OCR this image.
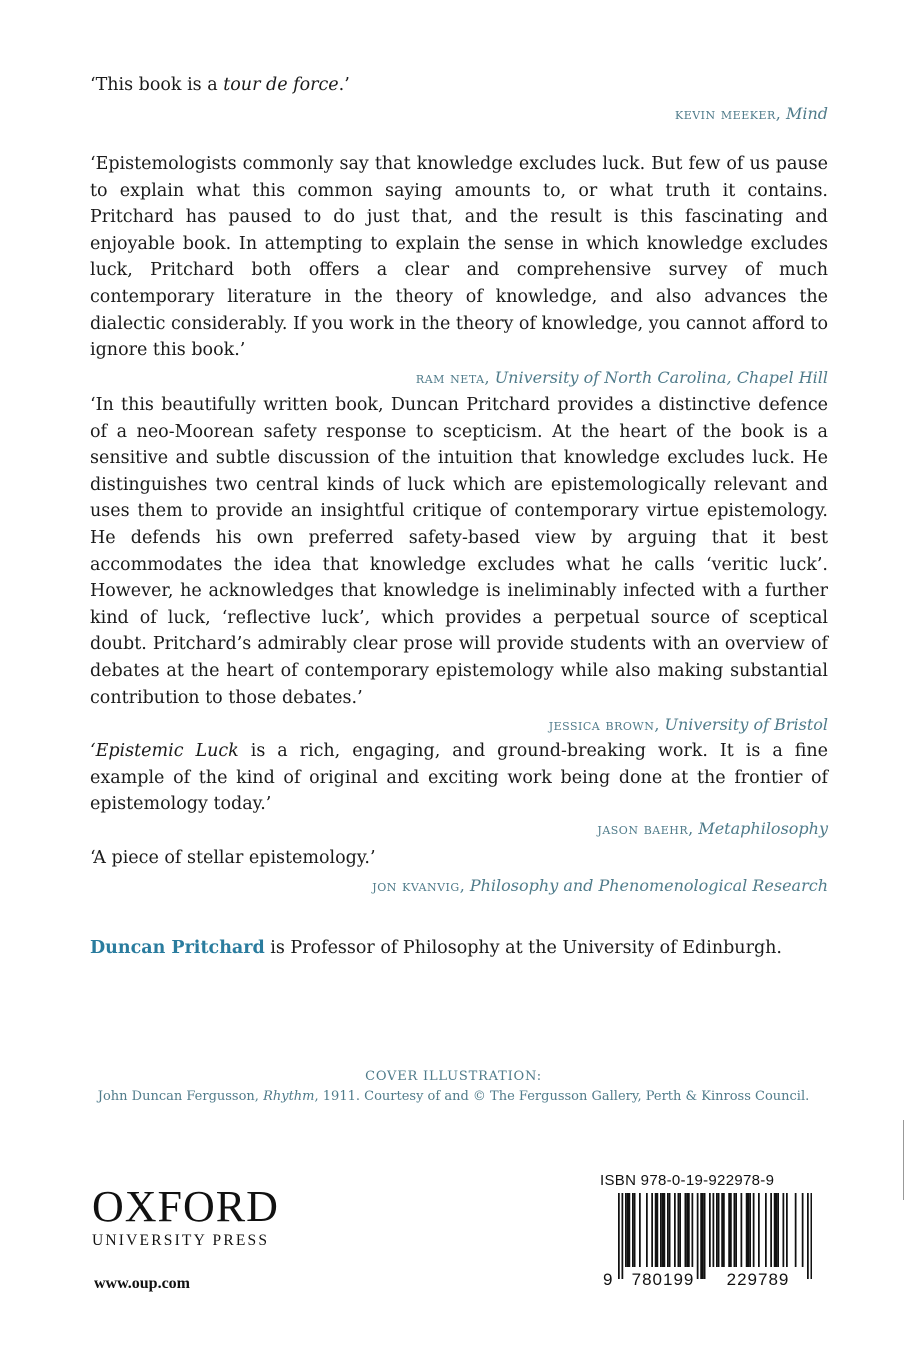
‘This book is a tour de force.’

kevin meeker, Mind

‘Epistemologists commonly say that knowledge excludes luck. But few of us pause to explain what this common saying amounts to, or what truth it contains. Pritchard has paused to do just that, and the result is this fascinating and enjoyable book. In attempting to explain the sense in which knowledge excludes luck, Pritchard both offers a clear and comprehensive survey of much contemporary literature in the theory of knowledge, and also advances the dialectic considerably. If you work in the theory of knowledge, you cannot afford to ignore this book.’

ram neta, University of North Carolina, Chapel Hill

‘In this beautifully written book, Duncan Pritchard provides a distinctive defence of a neo-Moorean safety response to scepticism. At the heart of the book is a sensitive and subtle discussion of the intuition that knowledge excludes luck. He distinguishes two central kinds of luck which are epistemologically relevant and uses them to provide an insightful critique of contemporary virtue epistemology. He defends his own preferred safety-based view by arguing that it best accommodates the idea that knowledge excludes what he calls ‘veritic luck’. However, he acknowledges that knowledge is ineliminably infected with a further kind of luck, ‘reflective luck’, which provides a perpetual source of sceptical doubt. Pritchard’s admirably clear prose will provide students with an overview of debates at the heart of contemporary epistemology while also making substantial contribution to those debates.’

jessica brown, University of Bristol

‘Epistemic Luck is a rich, engaging, and ground-breaking work. It is a fine example of the kind of original and exciting work being done at the frontier of epistemology today.’

jason baehr, Metaphilosophy

‘A piece of stellar epistemology.’

jon kvanvig, Philosophy and Phenomenological Research
Duncan Pritchard is Professor of Philosophy at the University of Edinburgh.
COVER ILLUSTRATION:
John Duncan Fergusson, Rhythm, 1911. Courtesy of and © The Fergusson Gallery, Perth & Kinross Council.
OXFORD
UNIVERSITY PRESS
www.oup.com
ISBN 978-0-19-922978-9
9 780199 229789
